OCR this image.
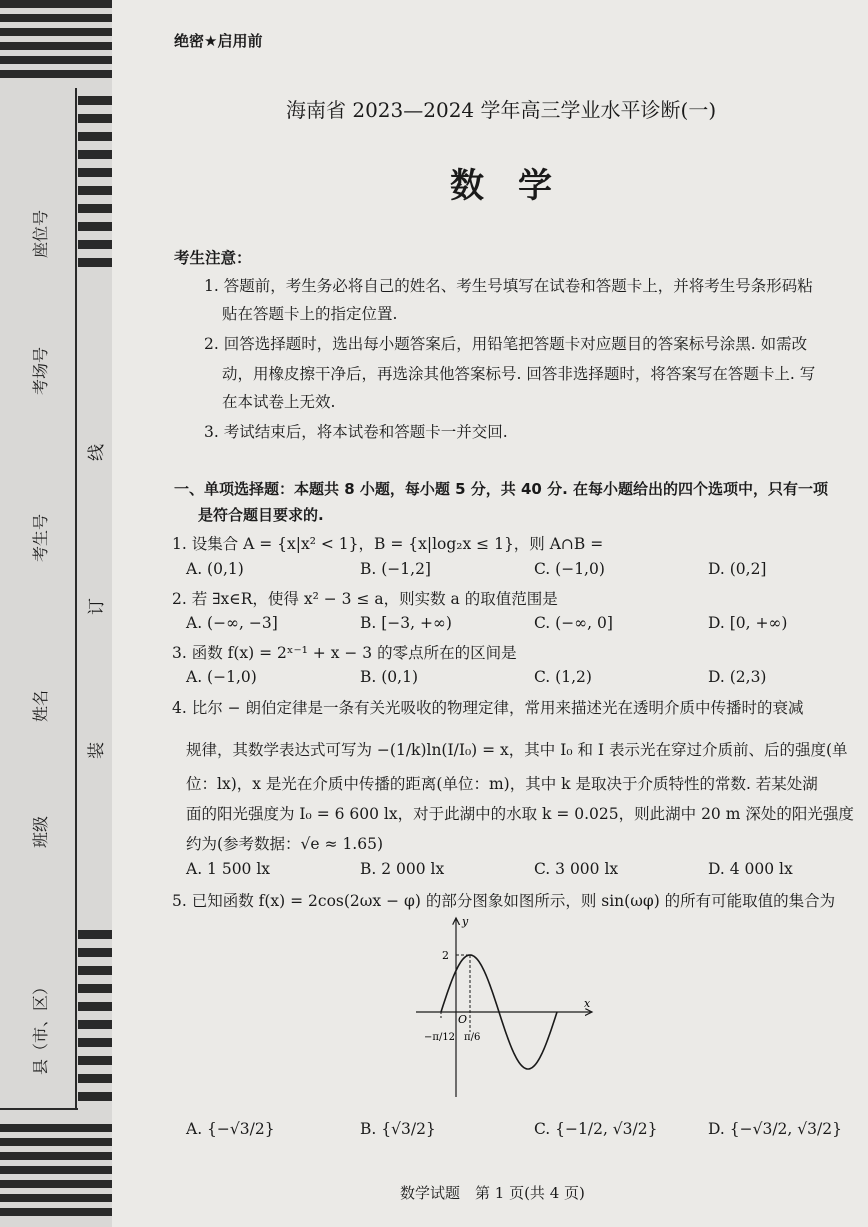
座位号
考场号
考生号
姓名
班级
县（市、区）
线
订
装
绝密★启用前
海南省 2023—2024 学年高三学业水平诊断(一)
数　学
考生注意：
1. 答题前，考生务必将自己的姓名、考生号填写在试卷和答题卡上，并将考生号条形码粘
贴在答题卡上的指定位置.
2. 回答选择题时，选出每小题答案后，用铅笔把答题卡对应题目的答案标号涂黑. 如需改
动，用橡皮擦干净后，再选涂其他答案标号. 回答非选择题时，将答案写在答题卡上. 写
在本试卷上无效.
3. 考试结束后，将本试卷和答题卡一并交回.
一、单项选择题：本题共 8 小题，每小题 5 分，共 40 分. 在每小题给出的四个选项中，只有一项
是符合题目要求的.
1. 设集合 A = {x|x² < 1}，B = {x|log₂x ≤ 1}，则 A∩B =
A. (0,1)	B. (−1,2]	C. (−1,0)	D. (0,2]
2. 若 ∃x∈R，使得 x² − 3 ≤ a，则实数 a 的取值范围是
A. (−∞, −3]	B. [−3, +∞)	C. (−∞, 0]	D. [0, +∞)
3. 函数 f(x) = 2ˣ⁻¹ + x − 3 的零点所在的区间是
A. (−1,0)	B. (0,1)	C. (1,2)	D. (2,3)
4. 比尔 − 朗伯定律是一条有关光吸收的物理定律，常用来描述光在透明介质中传播时的衰减
规律，其数学表达式可写为 −(1/k)ln(I/I₀) = x，其中 I₀ 和 I 表示光在穿过介质前、后的强度(单
位：lx)，x 是光在介质中传播的距离(单位：m)，其中 k 是取决于介质特性的常数. 若某处湖
面的阳光强度为 I₀ = 6 600 lx，对于此湖中的水取 k = 0.025，则此湖中 20 m 深处的阳光强度
约为(参考数据：√e ≈ 1.65)
A. 1 500 lx	B. 2 000 lx	C. 3 000 lx	D. 4 000 lx
5. 已知函数 f(x) = 2cos(2ωx − φ) 的部分图象如图所示，则 sin(ωφ) 的所有可能取值的集合为
y
x
O
2
−π/12 π/6
A. {−√3/2}	B. {√3/2}	C. {−1/2, √3/2}	D. {−√3/2, √3/2}
数学试题　第 1 页(共 4 页)
